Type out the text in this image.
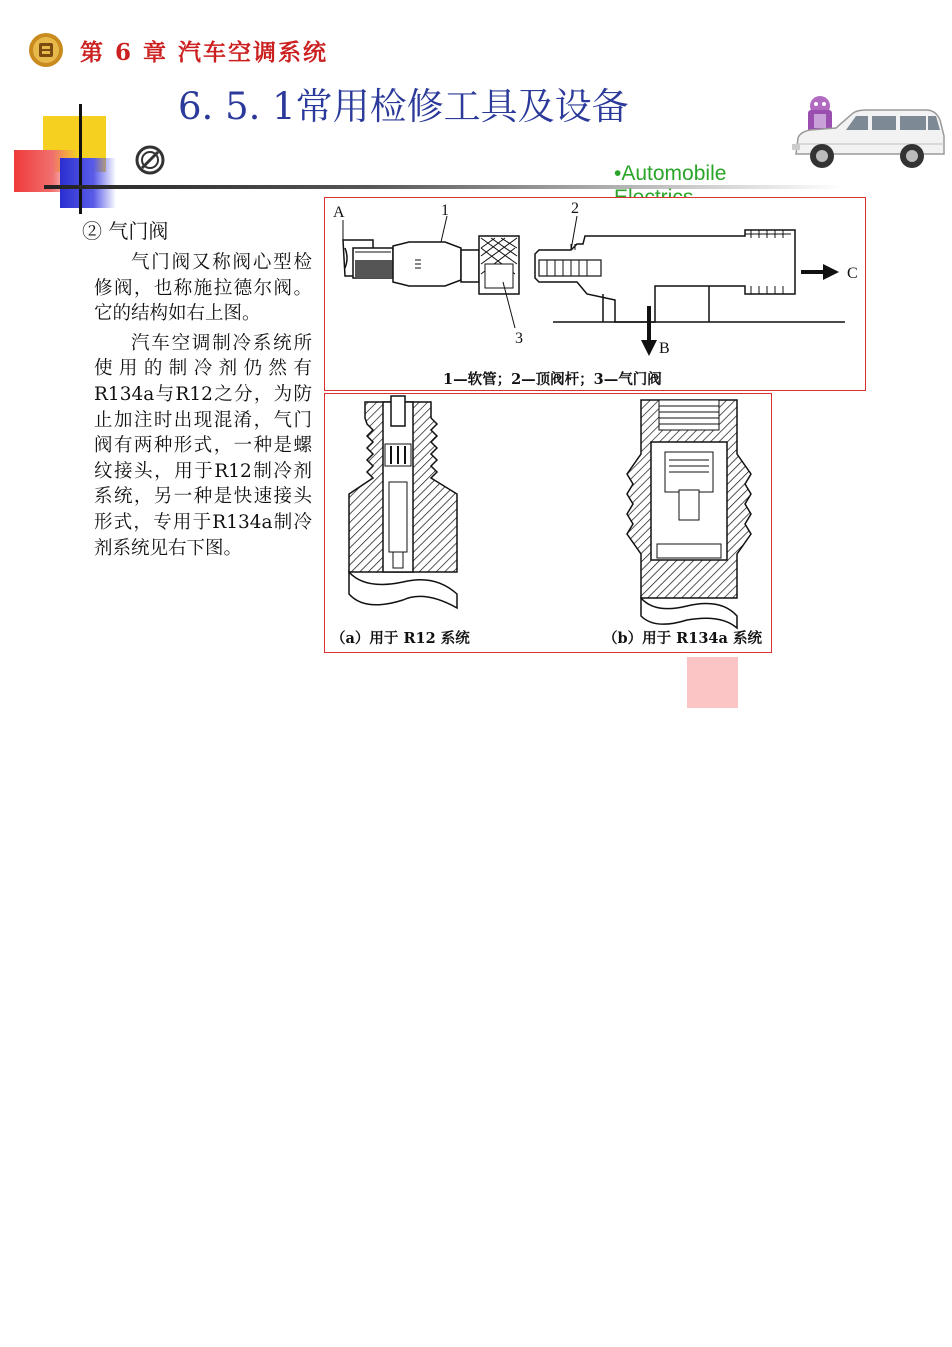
第 6 章 汽车空调系统
6. 5. 1常用检修工具及设备
•Automobile
② 气门阀

气门阀又称阀心型检修阀，也称施拉德尔阀。它的结构如右上图。

汽车空调制冷系统所使用的制冷剂仍然有R134a与R12之分，为防止加注时出现混淆，气门阀有两种形式，一种是螺纹接头，用于R12制冷剂系统，另一种是快速接头形式，专用于R134a制冷剂系统见右下图。

A	1	2
3
B
C
1—软管；2—顶阀杆；3—气门阀
（a）用于 R12 系统	（b）用于 R134a 系统
